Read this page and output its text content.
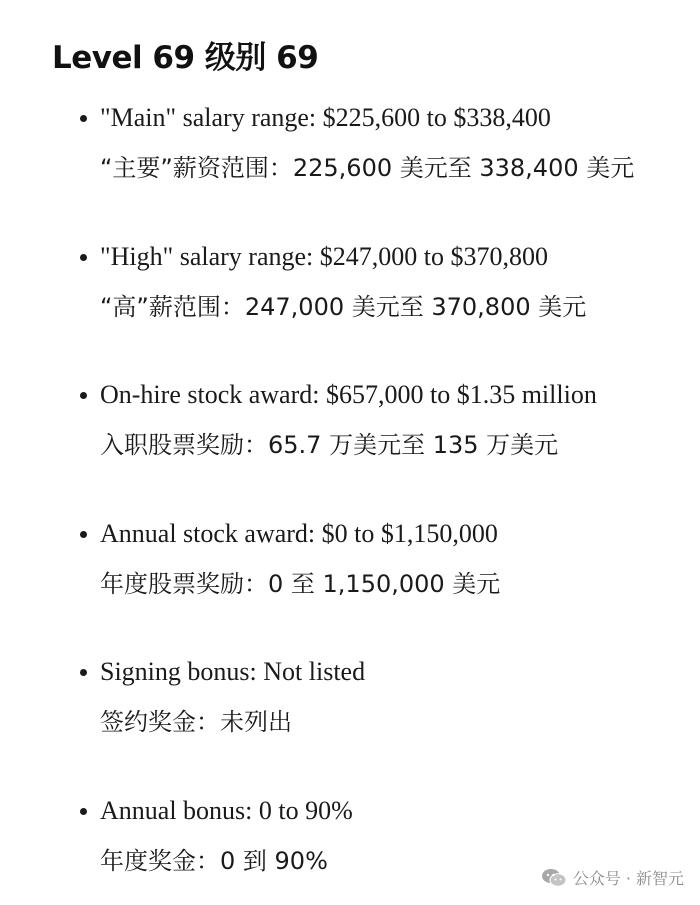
Level 69 级别 69
"Main" salary range: $225,600 to $338,400
“主要”薪资范围：225,600 美元至 338,400 美元
"High" salary range: $247,000 to $370,800
“高”薪范围：247,000 美元至 370,800 美元
On-hire stock award: $657,000 to $1.35 million
入职股票奖励：65.7 万美元至 135 万美元
Annual stock award: $0 to $1,150,000
年度股票奖励：0 至 1,150,000 美元
Signing bonus: Not listed
签约奖金：未列出
Annual bonus: 0 to 90%
年度奖金：0 到 90%
公众号 · 新智元
